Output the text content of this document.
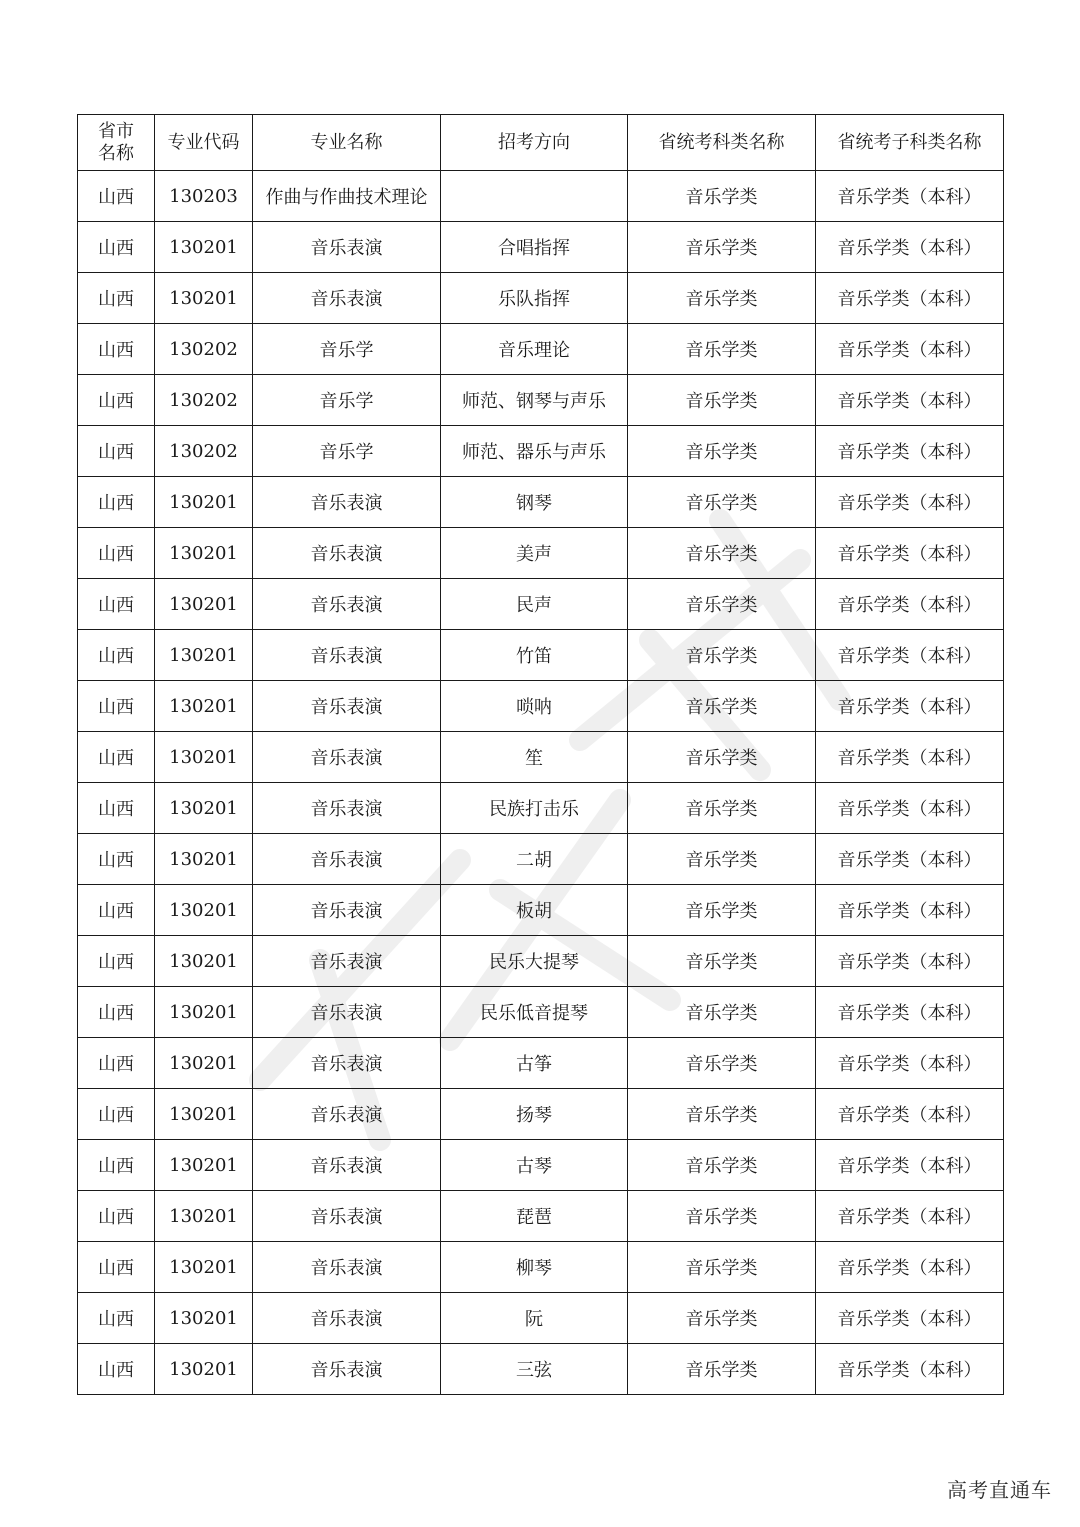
省市
名称	专业代码	专业名称	招考方向	省统考科类名称	省统考子科类名称
山西	130203	作曲与作曲技术理论		音乐学类	音乐学类（本科）
山西	130201	音乐表演	合唱指挥	音乐学类	音乐学类（本科）
山西	130201	音乐表演	乐队指挥	音乐学类	音乐学类（本科）
山西	130202	音乐学	音乐理论	音乐学类	音乐学类（本科）
山西	130202	音乐学	师范、钢琴与声乐	音乐学类	音乐学类（本科）
山西	130202	音乐学	师范、器乐与声乐	音乐学类	音乐学类（本科）
山西	130201	音乐表演	钢琴	音乐学类	音乐学类（本科）
山西	130201	音乐表演	美声	音乐学类	音乐学类（本科）
山西	130201	音乐表演	民声	音乐学类	音乐学类（本科）
山西	130201	音乐表演	竹笛	音乐学类	音乐学类（本科）
山西	130201	音乐表演	唢呐	音乐学类	音乐学类（本科）
山西	130201	音乐表演	笙	音乐学类	音乐学类（本科）
山西	130201	音乐表演	民族打击乐	音乐学类	音乐学类（本科）
山西	130201	音乐表演	二胡	音乐学类	音乐学类（本科）
山西	130201	音乐表演	板胡	音乐学类	音乐学类（本科）
山西	130201	音乐表演	民乐大提琴	音乐学类	音乐学类（本科）
山西	130201	音乐表演	民乐低音提琴	音乐学类	音乐学类（本科）
山西	130201	音乐表演	古筝	音乐学类	音乐学类（本科）
山西	130201	音乐表演	扬琴	音乐学类	音乐学类（本科）
山西	130201	音乐表演	古琴	音乐学类	音乐学类（本科）
山西	130201	音乐表演	琵琶	音乐学类	音乐学类（本科）
山西	130201	音乐表演	柳琴	音乐学类	音乐学类（本科）
山西	130201	音乐表演	阮	音乐学类	音乐学类（本科）
山西	130201	音乐表演	三弦	音乐学类	音乐学类（本科）
高考直通车
